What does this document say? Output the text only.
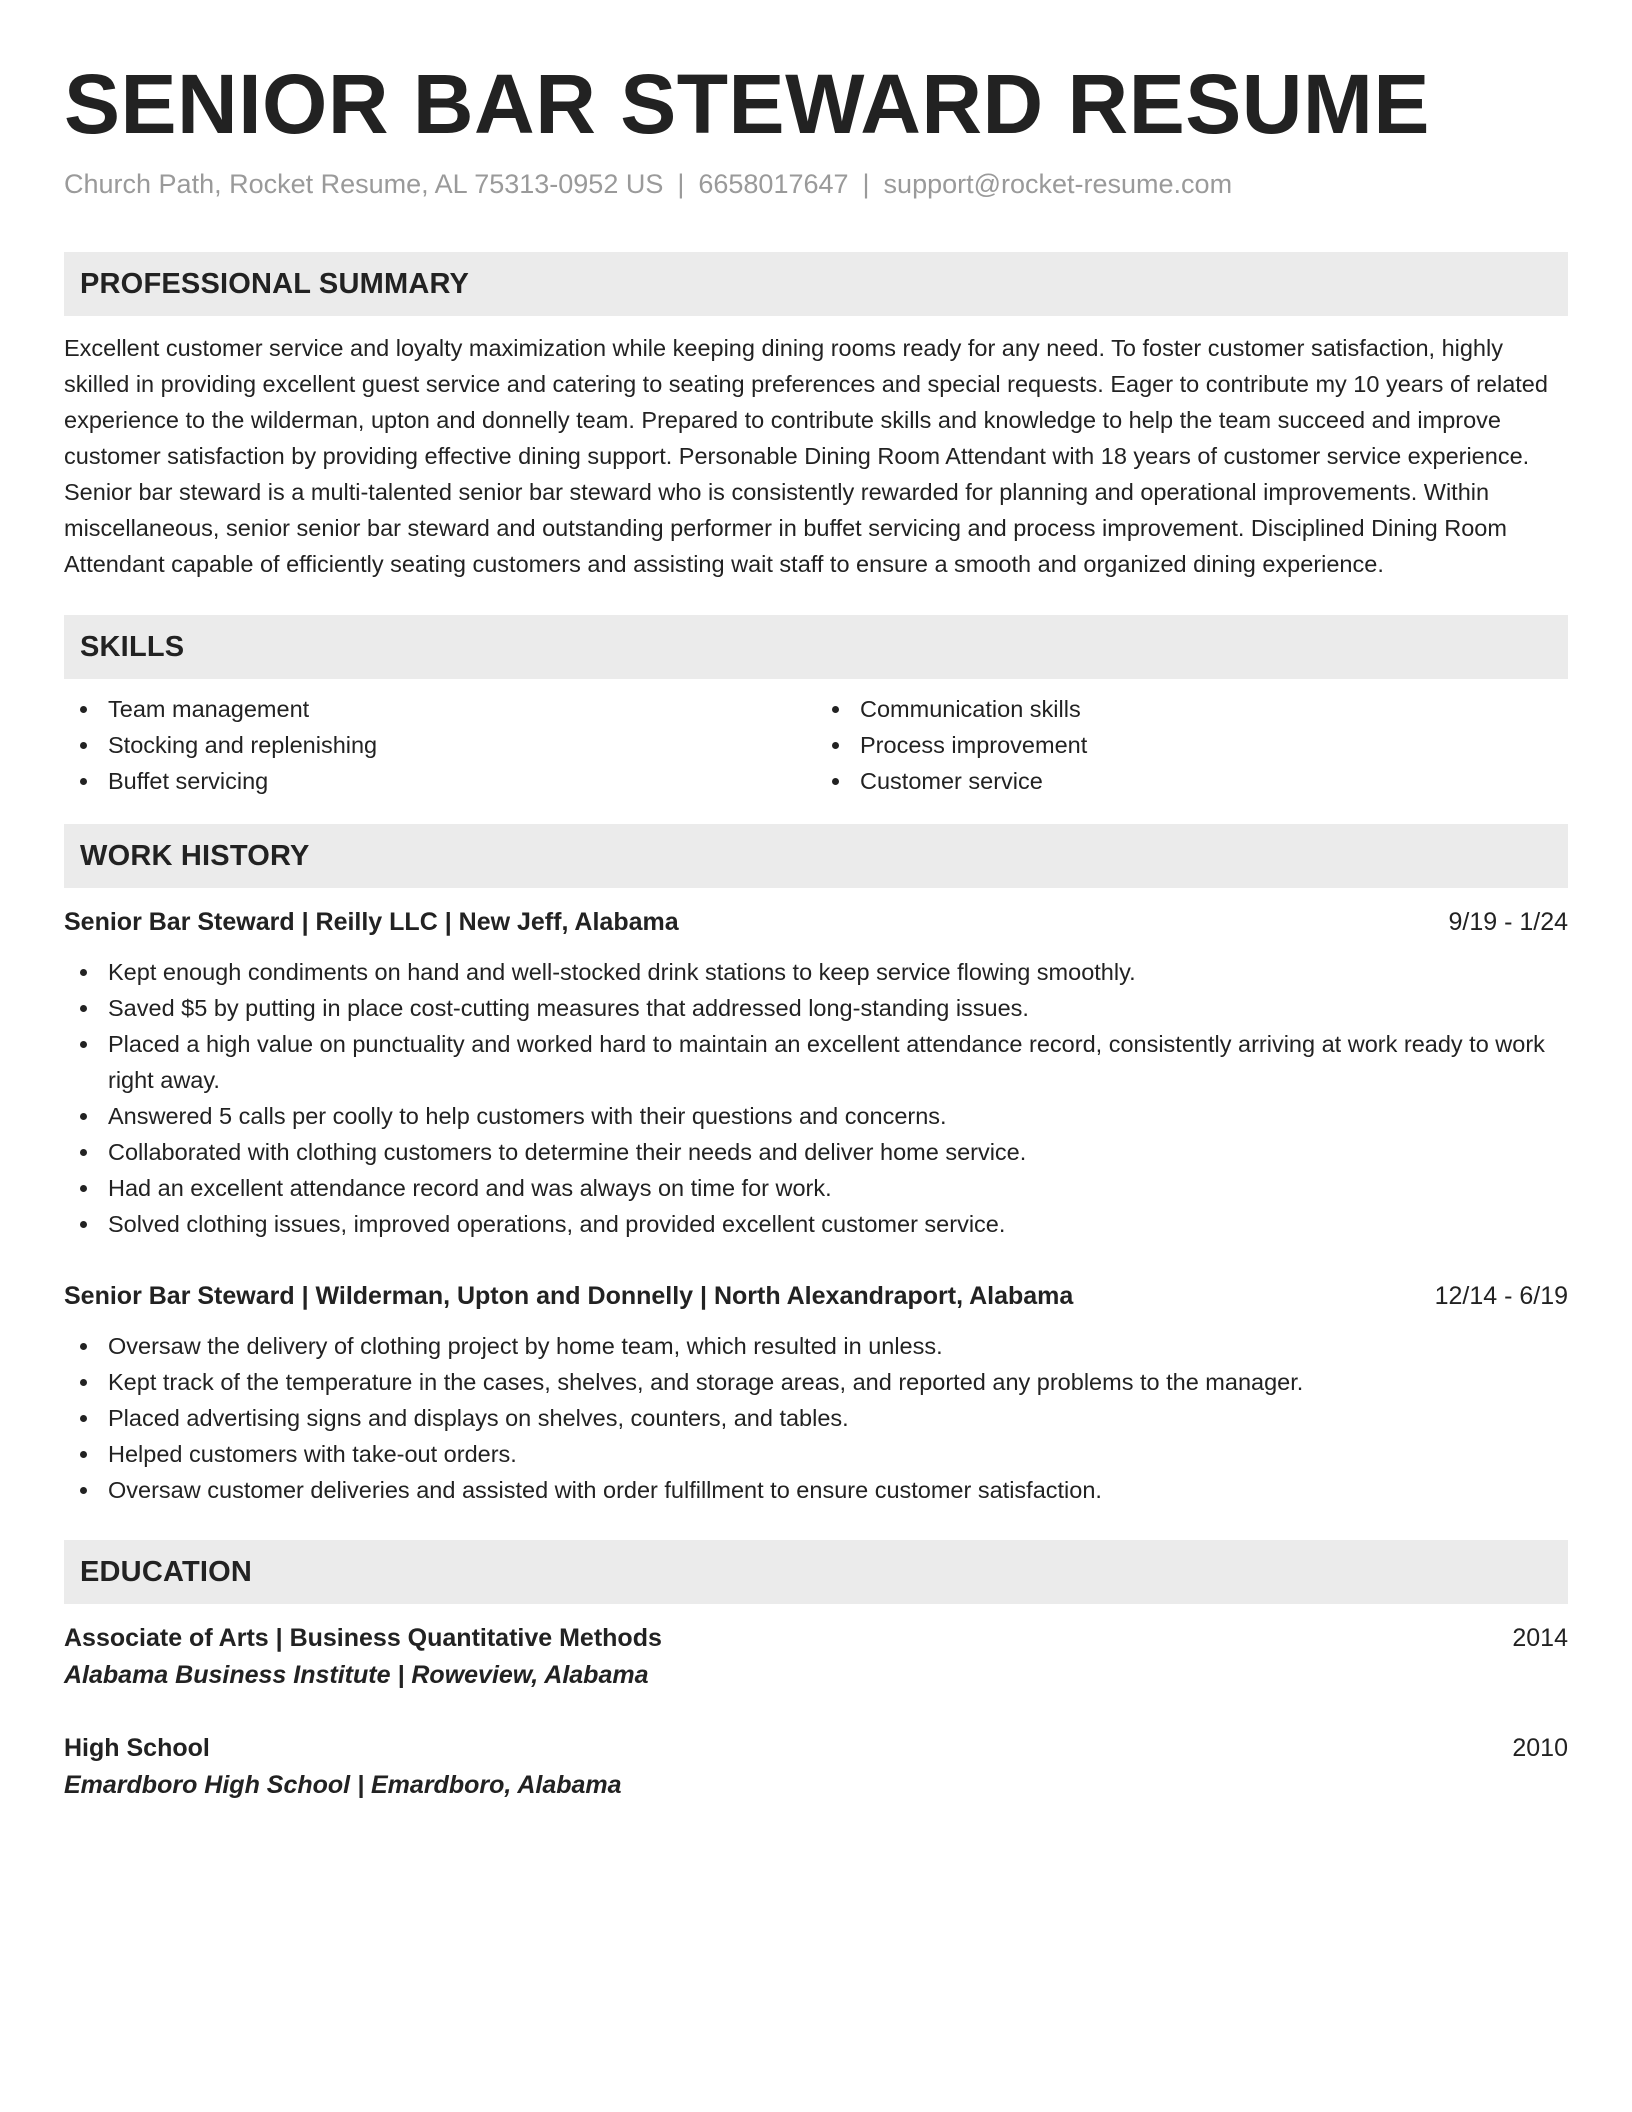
SENIOR BAR STEWARD RESUME
Church Path, Rocket Resume, AL 75313-0952 US | 6658017647 | support@rocket-resume.com
PROFESSIONAL SUMMARY
Excellent customer service and loyalty maximization while keeping dining rooms ready for any need. To foster customer satisfaction, highly skilled in providing excellent guest service and catering to seating preferences and special requests. Eager to contribute my 10 years of related experience to the wilderman, upton and donnelly team. Prepared to contribute skills and knowledge to help the team succeed and improve customer satisfaction by providing effective dining support. Personable Dining Room Attendant with 18 years of customer service experience. Senior bar steward is a multi-talented senior bar steward who is consistently rewarded for planning and operational improvements. Within miscellaneous, senior senior bar steward and outstanding performer in buffet servicing and process improvement. Disciplined Dining Room Attendant capable of efficiently seating customers and assisting wait staff to ensure a smooth and organized dining experience.
SKILLS
Team management
Stocking and replenishing
Buffet servicing
Communication skills
Process improvement
Customer service
WORK HISTORY
Senior Bar Steward | Reilly LLC | New Jeff, Alabama	9/19 - 1/24
Kept enough condiments on hand and well-stocked drink stations to keep service flowing smoothly.
Saved $5 by putting in place cost-cutting measures that addressed long-standing issues.
Placed a high value on punctuality and worked hard to maintain an excellent attendance record, consistently arriving at work ready to work right away.
Answered 5 calls per coolly to help customers with their questions and concerns.
Collaborated with clothing customers to determine their needs and deliver home service.
Had an excellent attendance record and was always on time for work.
Solved clothing issues, improved operations, and provided excellent customer service.
Senior Bar Steward | Wilderman, Upton and Donnelly | North Alexandraport, Alabama	12/14 - 6/19
Oversaw the delivery of clothing project by home team, which resulted in unless.
Kept track of the temperature in the cases, shelves, and storage areas, and reported any problems to the manager.
Placed advertising signs and displays on shelves, counters, and tables.
Helped customers with take-out orders.
Oversaw customer deliveries and assisted with order fulfillment to ensure customer satisfaction.
EDUCATION
Associate of Arts | Business Quantitative Methods	2014
Alabama Business Institute | Roweview, Alabama
High School	2010
Emardboro High School | Emardboro, Alabama
